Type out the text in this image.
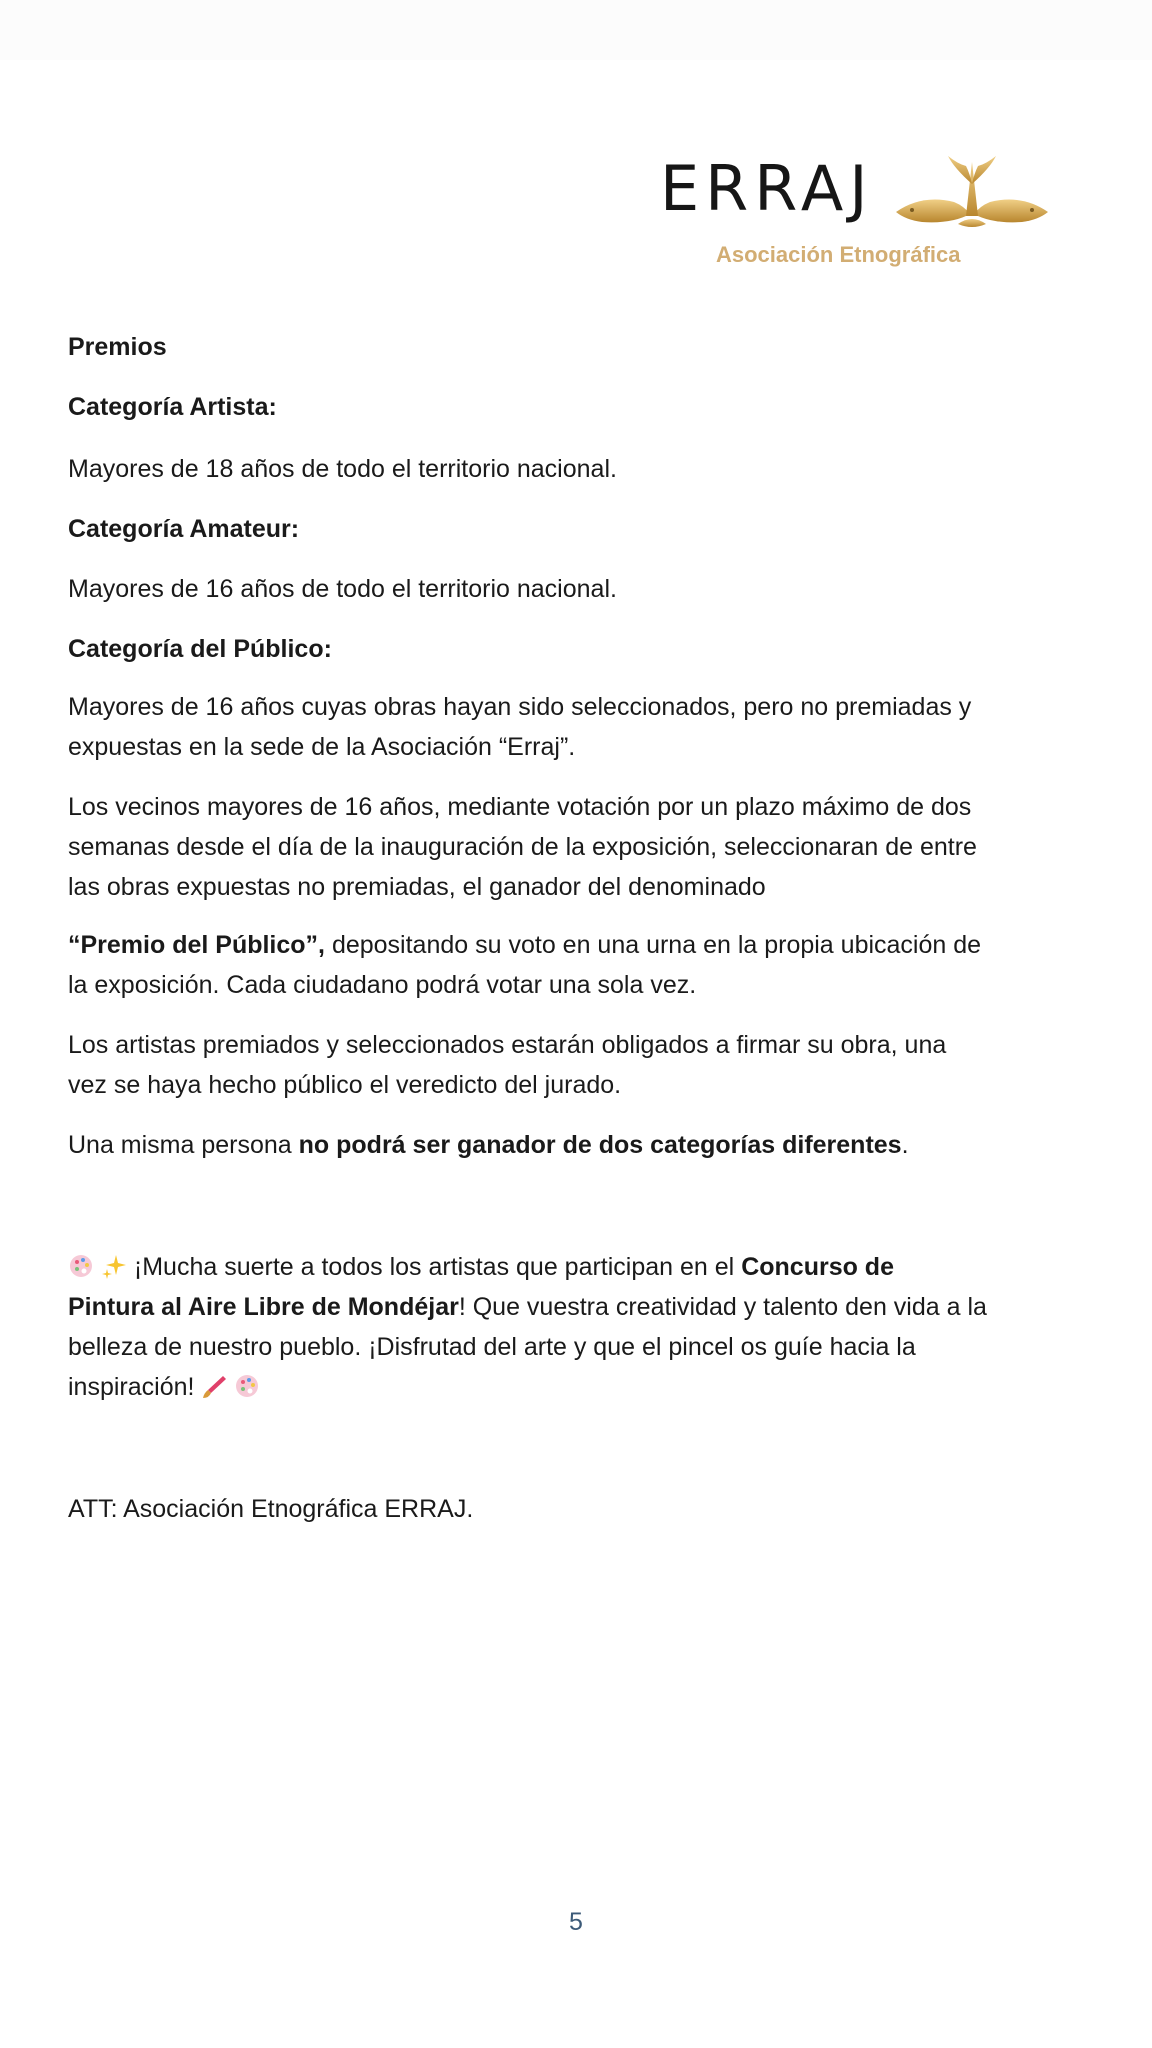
ERRAJ
Asociación Etnográfica
Premios
Categoría Artista:
Mayores de 18 años de todo el territorio nacional.
Categoría Amateur:
Mayores de 16 años de todo el territorio nacional.
Categoría del Público:
Mayores de 16 años cuyas obras hayan sido seleccionados, pero no premiadas y
expuestas en la sede de la Asociación “Erraj”.
Los vecinos mayores de 16 años, mediante votación por un plazo máximo de dos
semanas desde el día de la inauguración de la exposición, seleccionaran de entre
las obras expuestas no premiadas, el ganador del denominado
“Premio del Público”, depositando su voto en una urna en la propia ubicación de
la exposición. Cada ciudadano podrá votar una sola vez.
Los artistas premiados y seleccionados estarán obligados a firmar su obra, una
vez se haya hecho público el veredicto del jurado.
Una misma persona no podrá ser ganador de dos categorías diferentes.
¡Mucha suerte a todos los artistas que participan en el Concurso de
Pintura al Aire Libre de Mondéjar! Que vuestra creatividad y talento den vida a la
belleza de nuestro pueblo. ¡Disfrutad del arte y que el pincel os guíe hacia la
inspiración!
ATT: Asociación Etnográfica ERRAJ.
5
